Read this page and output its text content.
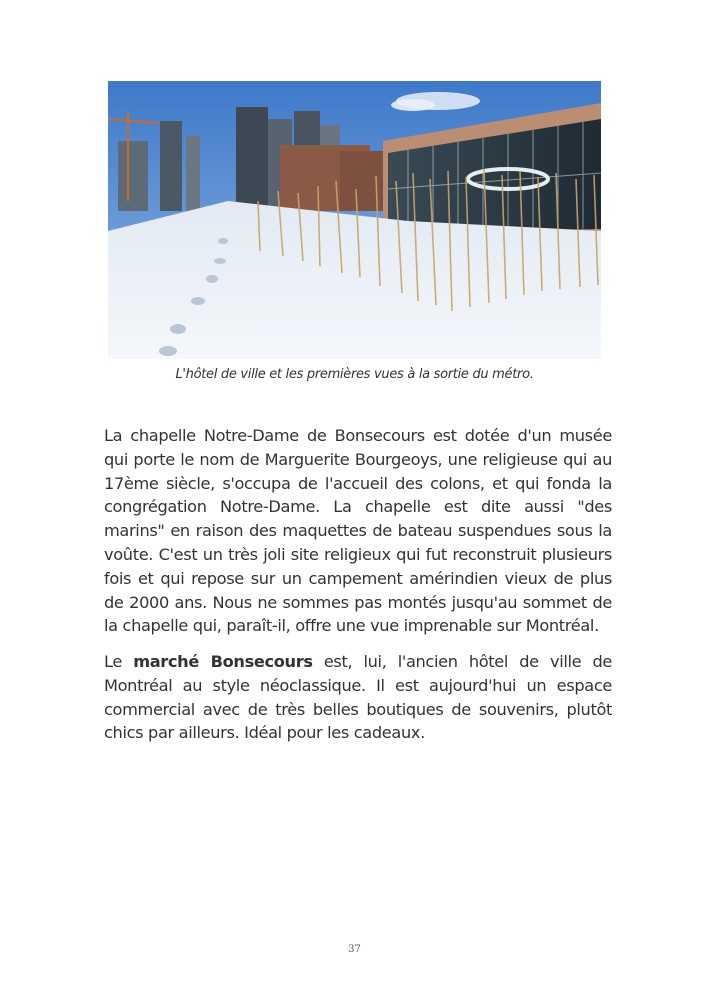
L'hôtel de ville et les premières vues à la sortie du métro.

La chapelle Notre-Dame de Bonsecours est dotée d'un musée qui porte le nom de Marguerite Bourgeoys, une religieuse qui au 17ème siècle, s'occupa de l'accueil des colons, et qui fonda la congrégation Notre-Dame. La chapelle est dite aussi "des marins" en raison des maquettes de bateau suspendues sous la voûte. C'est un très joli site religieux qui fut reconstruit plusieurs fois et qui repose sur un campement amérindien vieux de plus de 2000 ans. Nous ne sommes pas montés jusqu'au sommet de la chapelle qui, paraît-il, offre une vue imprenable sur Montréal.

Le marché Bonsecours est, lui, l'ancien hôtel de ville de Montréal au style néoclassique. Il est aujourd'hui un espace commercial avec de très belles boutiques de souvenirs, plutôt chics par ailleurs. Idéal pour les cadeaux.

37
